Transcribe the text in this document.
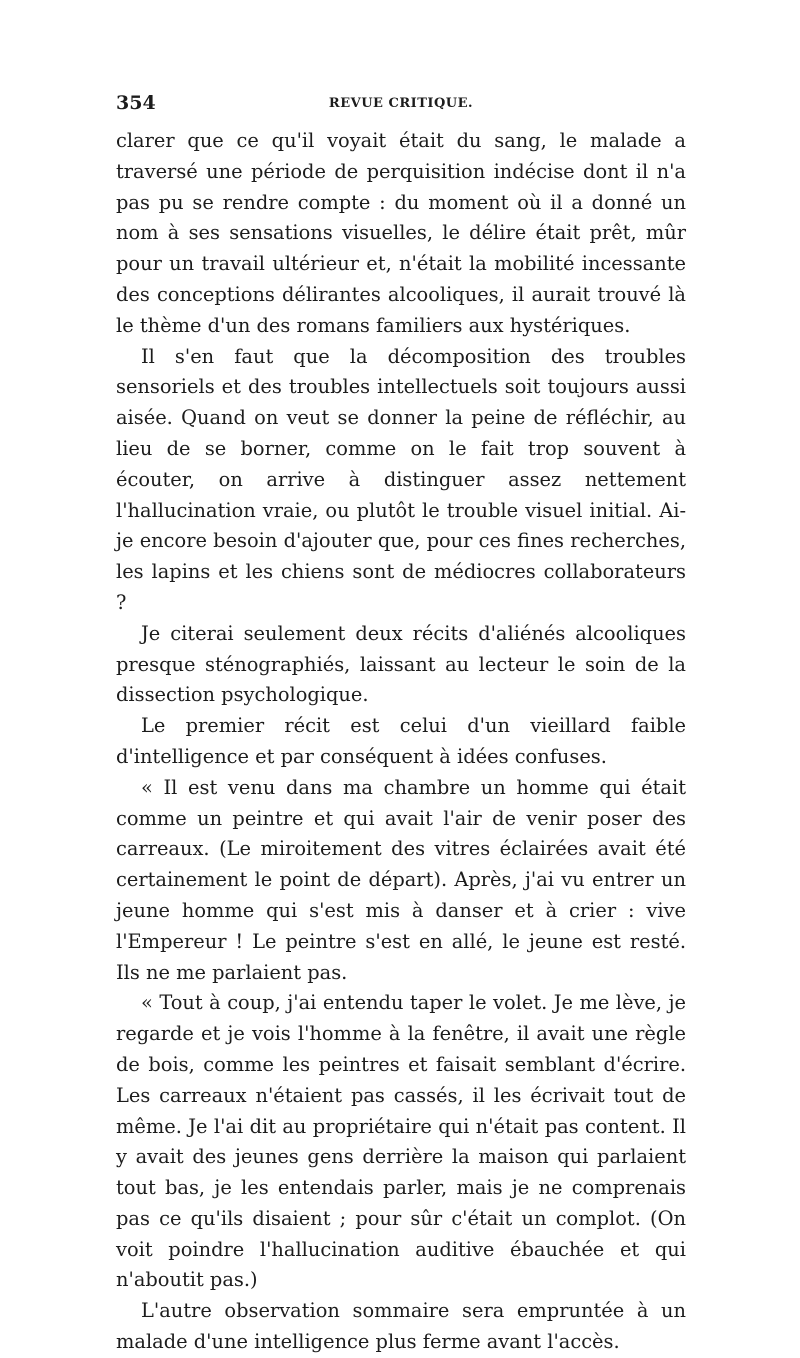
354	REVUE CRITIQUE.

clarer que ce qu'il voyait était du sang, le malade a traversé une période de perquisition indécise dont il n'a pas pu se rendre compte : du moment où il a donné un nom à ses sensations visuelles, le délire était prêt, mûr pour un travail ultérieur et, n'était la mobilité incessante des conceptions délirantes alcooliques, il aurait trouvé là le thème d'un des romans familiers aux hystériques.

Il s'en faut que la décomposition des troubles sensoriels et des troubles intellectuels soit toujours aussi aisée. Quand on veut se donner la peine de réfléchir, au lieu de se borner, comme on le fait trop souvent à écouter, on arrive à distinguer assez nettement l'hallucination vraie, ou plutôt le trouble visuel initial. Ai-je encore besoin d'ajouter que, pour ces fines recherches, les lapins et les chiens sont de médiocres collaborateurs ?

Je citerai seulement deux récits d'aliénés alcooliques presque sténographiés, laissant au lecteur le soin de la dissection psychologique.

Le premier récit est celui d'un vieillard faible d'intelligence et par conséquent à idées confuses.

« Il est venu dans ma chambre un homme qui était comme un peintre et qui avait l'air de venir poser des carreaux. (Le miroitement des vitres éclairées avait été certainement le point de départ). Après, j'ai vu entrer un jeune homme qui s'est mis à danser et à crier : vive l'Empereur ! Le peintre s'est en allé, le jeune est resté. Ils ne me parlaient pas.

« Tout à coup, j'ai entendu taper le volet. Je me lève, je regarde et je vois l'homme à la fenêtre, il avait une règle de bois, comme les peintres et faisait semblant d'écrire. Les carreaux n'étaient pas cassés, il les écrivait tout de même. Je l'ai dit au propriétaire qui n'était pas content. Il y avait des jeunes gens derrière la maison qui parlaient tout bas, je les entendais parler, mais je ne comprenais pas ce qu'ils disaient ; pour sûr c'était un complot. (On voit poindre l'hallucination auditive ébauchée et qui n'aboutit pas.)

L'autre observation sommaire sera empruntée à un malade d'une intelligence plus ferme avant l'accès.
